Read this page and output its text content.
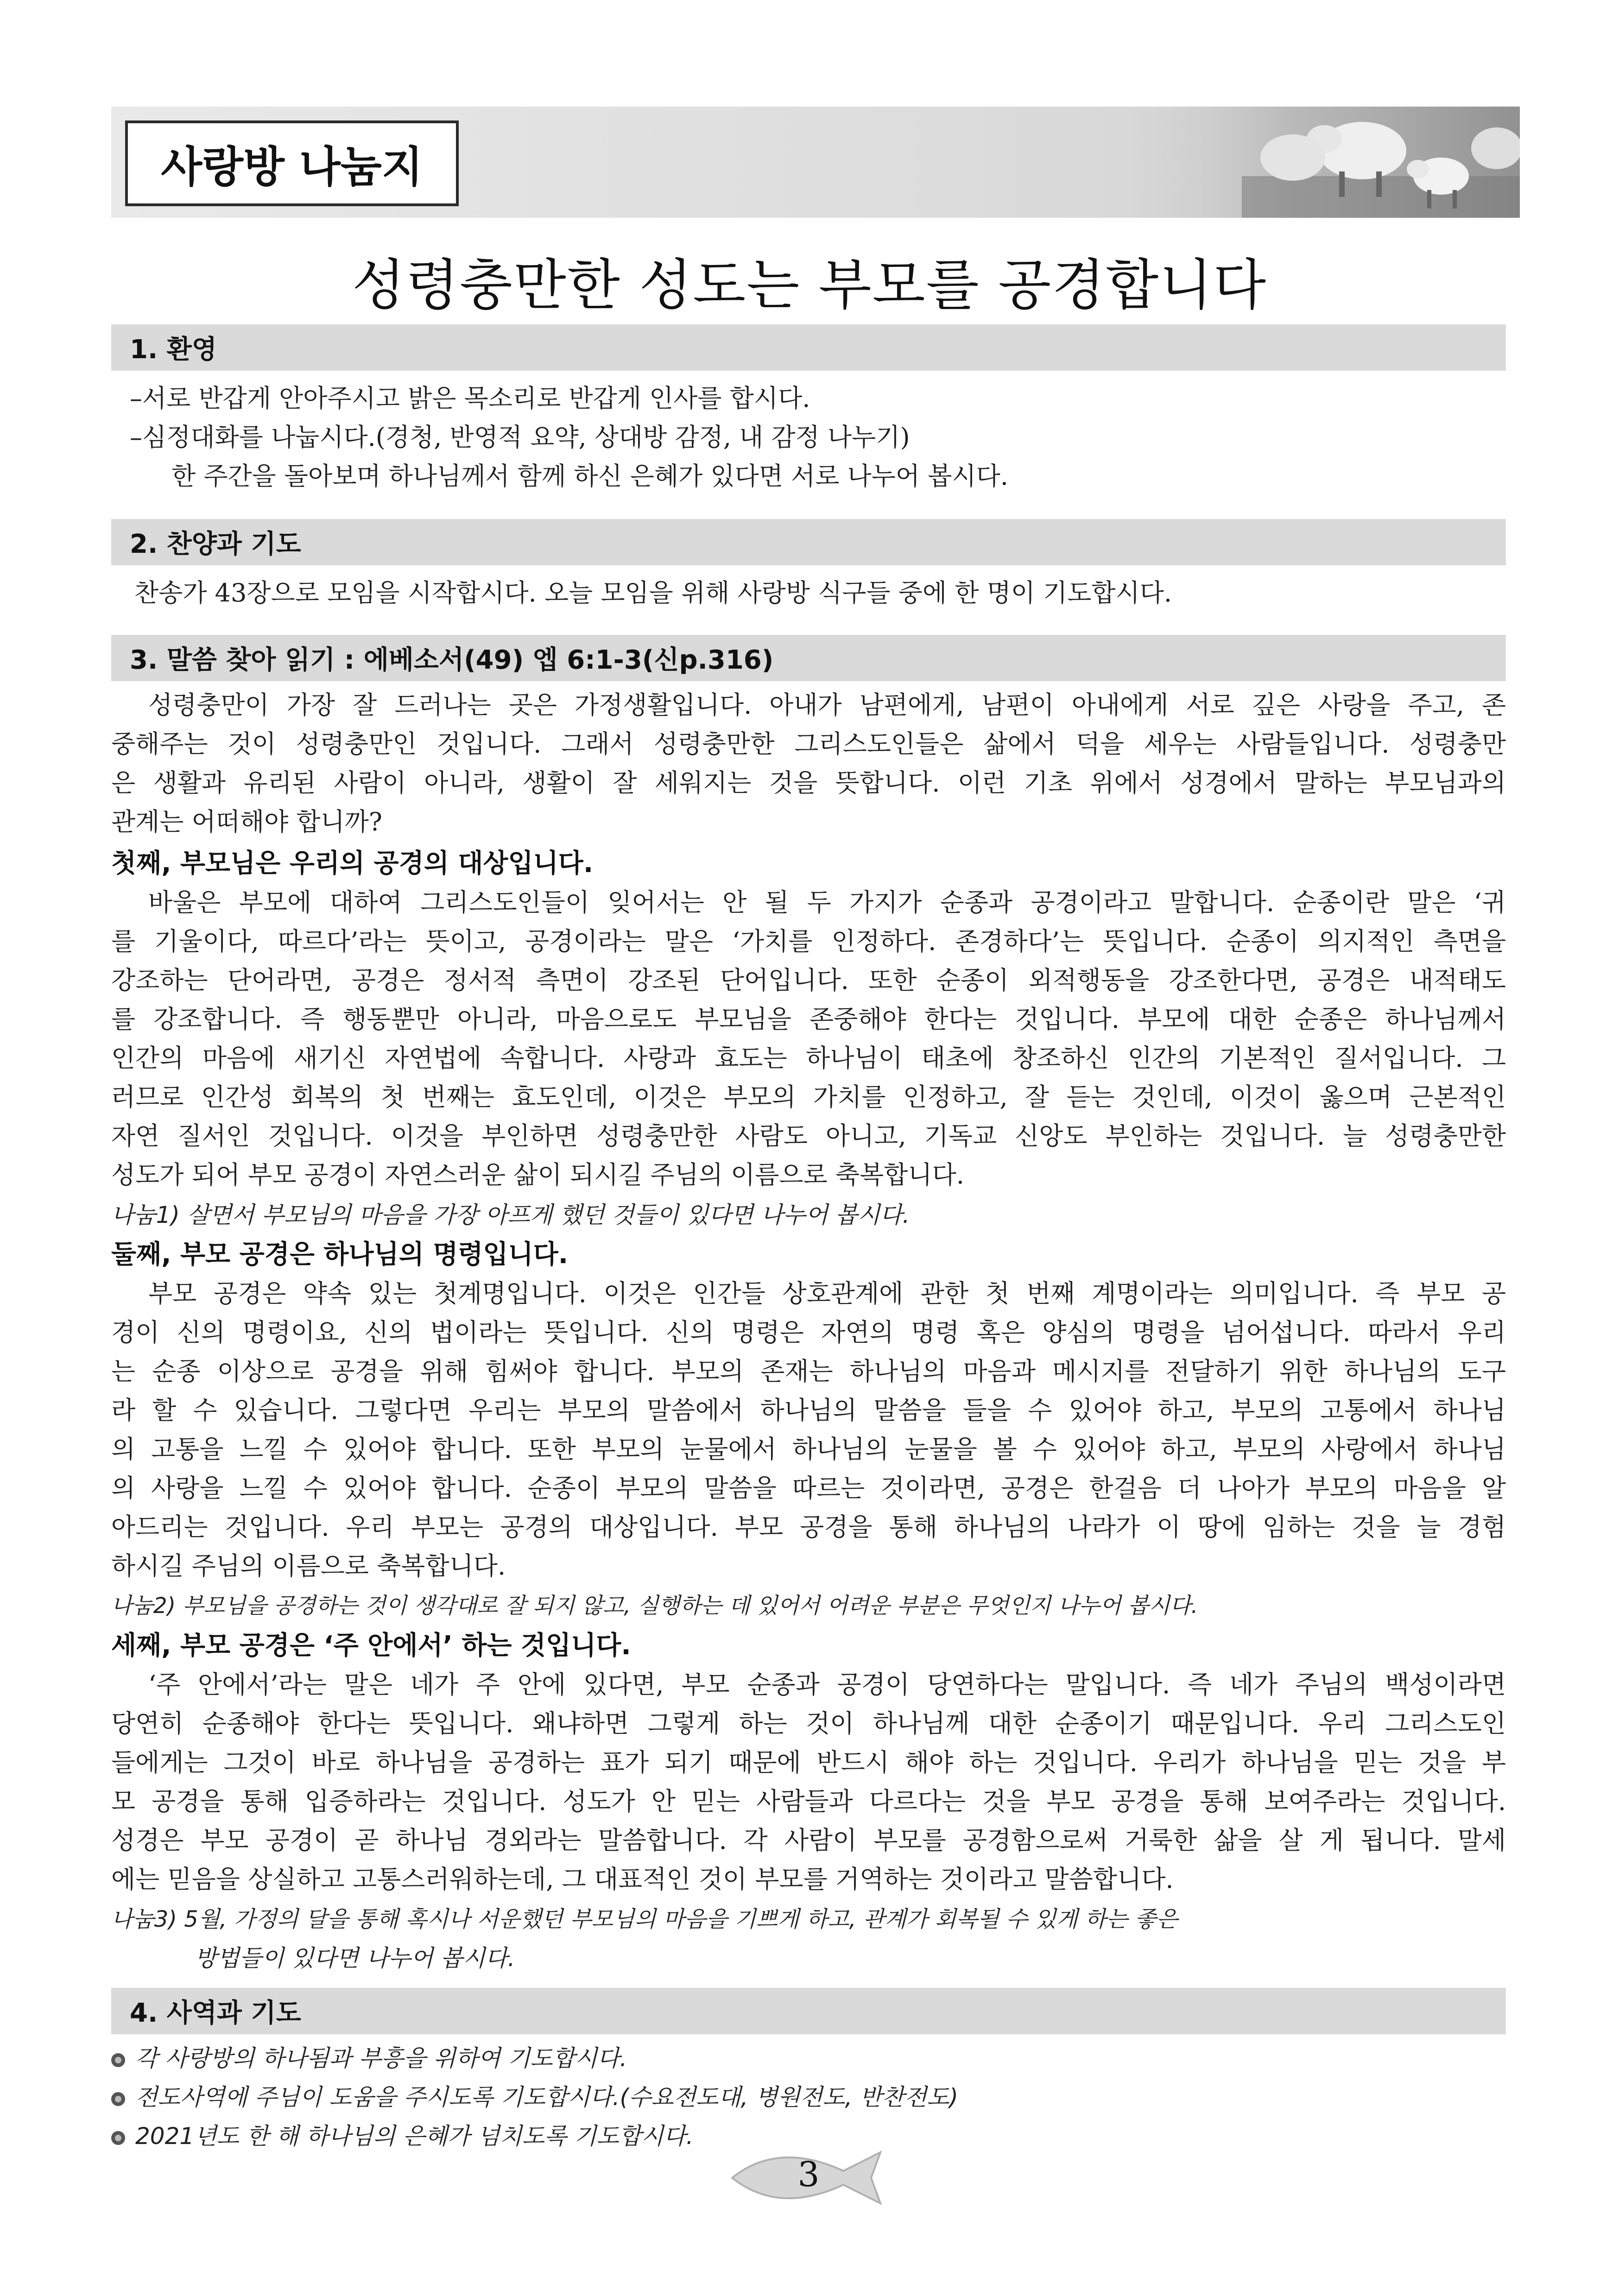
사랑방 나눔지
성령충만한 성도는 부모를 공경합니다
1. 환영
–서로 반갑게 안아주시고 밝은 목소리로 반갑게 인사를 합시다.
–심정대화를 나눕시다.(경청, 반영적 요약, 상대방 감정, 내 감정 나누기)
한 주간을 돌아보며 하나님께서 함께 하신 은혜가 있다면 서로 나누어 봅시다.
2. 찬양과 기도
찬송가 43장으로 모임을 시작합시다. 오늘 모임을 위해 사랑방 식구들 중에 한 명이 기도합시다.
3. 말씀 찾아 읽기 : 에베소서(49) 엡 6:1-3(신p.316)
성령충만이 가장 잘 드러나는 곳은 가정생활입니다. 아내가 남편에게, 남편이 아내에게 서로 깊은 사랑을 주고, 존
중해주는 것이 성령충만인 것입니다. 그래서 성령충만한 그리스도인들은 삶에서 덕을 세우는 사람들입니다. 성령충만
은 생활과 유리된 사람이 아니라, 생활이 잘 세워지는 것을 뜻합니다. 이런 기초 위에서 성경에서 말하는 부모님과의
관계는 어떠해야 합니까?
첫째, 부모님은 우리의 공경의 대상입니다.
바울은 부모에 대하여 그리스도인들이 잊어서는 안 될 두 가지가 순종과 공경이라고 말합니다. 순종이란 말은 ‘귀
를 기울이다, 따르다’라는 뜻이고, 공경이라는 말은 ‘가치를 인정하다. 존경하다’는 뜻입니다. 순종이 의지적인 측면을
강조하는 단어라면, 공경은 정서적 측면이 강조된 단어입니다. 또한 순종이 외적행동을 강조한다면, 공경은 내적태도
를 강조합니다. 즉 행동뿐만 아니라, 마음으로도 부모님을 존중해야 한다는 것입니다. 부모에 대한 순종은 하나님께서
인간의 마음에 새기신 자연법에 속합니다. 사랑과 효도는 하나님이 태초에 창조하신 인간의 기본적인 질서입니다. 그
러므로 인간성 회복의 첫 번째는 효도인데, 이것은 부모의 가치를 인정하고, 잘 듣는 것인데, 이것이 옳으며 근본적인
자연 질서인 것입니다. 이것을 부인하면 성령충만한 사람도 아니고, 기독교 신앙도 부인하는 것입니다. 늘 성령충만한
성도가 되어 부모 공경이 자연스러운 삶이 되시길 주님의 이름으로 축복합니다.
나눔1) 살면서 부모님의 마음을 가장 아프게 했던 것들이 있다면 나누어 봅시다.
둘째, 부모 공경은 하나님의 명령입니다.
부모 공경은 약속 있는 첫계명입니다. 이것은 인간들 상호관계에 관한 첫 번째 계명이라는 의미입니다. 즉 부모 공
경이 신의 명령이요, 신의 법이라는 뜻입니다. 신의 명령은 자연의 명령 혹은 양심의 명령을 넘어섭니다. 따라서 우리
는 순종 이상으로 공경을 위해 힘써야 합니다. 부모의 존재는 하나님의 마음과 메시지를 전달하기 위한 하나님의 도구
라 할 수 있습니다. 그렇다면 우리는 부모의 말씀에서 하나님의 말씀을 들을 수 있어야 하고, 부모의 고통에서 하나님
의 고통을 느낄 수 있어야 합니다. 또한 부모의 눈물에서 하나님의 눈물을 볼 수 있어야 하고, 부모의 사랑에서 하나님
의 사랑을 느낄 수 있어야 합니다. 순종이 부모의 말씀을 따르는 것이라면, 공경은 한걸음 더 나아가 부모의 마음을 알
아드리는 것입니다. 우리 부모는 공경의 대상입니다. 부모 공경을 통해 하나님의 나라가 이 땅에 임하는 것을 늘 경험
하시길 주님의 이름으로 축복합니다.
나눔2) 부모님을 공경하는 것이 생각대로 잘 되지 않고, 실행하는 데 있어서 어려운 부분은 무엇인지 나누어 봅시다.
세째, 부모 공경은 ‘주 안에서’ 하는 것입니다.
‘주 안에서’라는 말은 네가 주 안에 있다면, 부모 순종과 공경이 당연하다는 말입니다. 즉 네가 주님의 백성이라면
당연히 순종해야 한다는 뜻입니다. 왜냐하면 그렇게 하는 것이 하나님께 대한 순종이기 때문입니다. 우리 그리스도인
들에게는 그것이 바로 하나님을 공경하는 표가 되기 때문에 반드시 해야 하는 것입니다. 우리가 하나님을 믿는 것을 부
모 공경을 통해 입증하라는 것입니다. 성도가 안 믿는 사람들과 다르다는 것을 부모 공경을 통해 보여주라는 것입니다.
성경은 부모 공경이 곧 하나님 경외라는 말씀합니다. 각 사람이 부모를 공경함으로써 거룩한 삶을 살 게 됩니다. 말세
에는 믿음을 상실하고 고통스러워하는데, 그 대표적인 것이 부모를 거역하는 것이라고 말씀합니다.
나눔3) 5월, 가정의 달을 통해 혹시나 서운했던 부모님의 마음을 기쁘게 하고, 관계가 회복될 수 있게 하는 좋은
방법들이 있다면 나누어 봅시다.
4. 사역과 기도
각 사랑방의 하나됨과 부흥을 위하여 기도합시다.
전도사역에 주님이 도움을 주시도록 기도합시다.(수요전도대, 병원전도, 반찬전도)
2021년도 한 해 하나님의 은혜가 넘치도록 기도합시다.
3
